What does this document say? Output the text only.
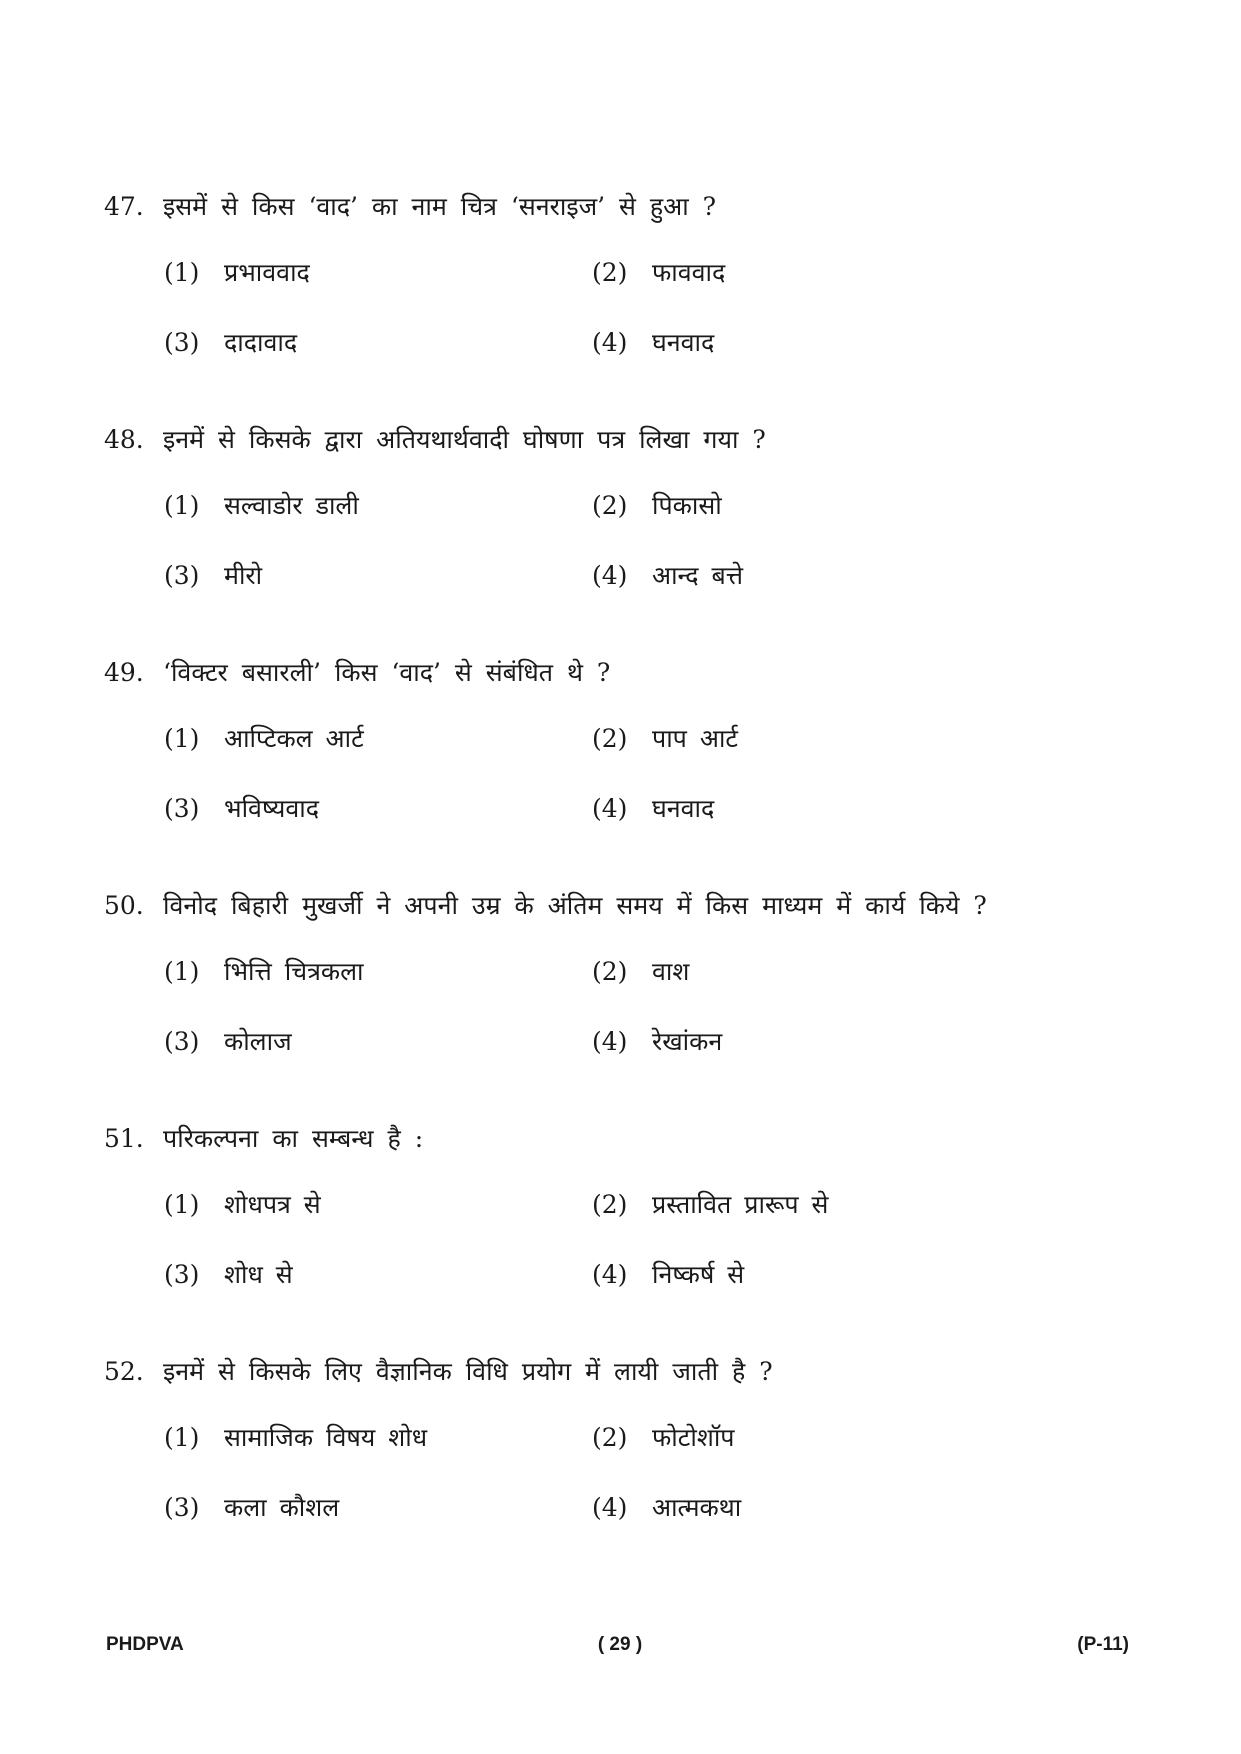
47. इसमें से किस ‘वाद’ का नाम चित्र ‘सनराइज’ से हुआ ?
(1) प्रभाववाद	(2) फाववाद
(3) दादावाद	(4) घनवाद
48. इनमें से किसके द्वारा अतियथार्थवादी घोषणा पत्र लिखा गया ?
(1) सल्वाडोर डाली	(2) पिकासो
(3) मीरो	(4) आन्द बत्ते
49. ‘विक्टर बसारली’ किस ‘वाद’ से संबंधित थे ?
(1) आप्टिकल आर्ट	(2) पाप आर्ट
(3) भविष्यवाद	(4) घनवाद
50. विनोद बिहारी मुखर्जी ने अपनी उम्र के अंतिम समय में किस माध्यम में कार्य किये ?
(1) भित्ति चित्रकला	(2) वाश
(3) कोलाज	(4) रेखांकन
51. परिकल्पना का सम्बन्ध है :
(1) शोधपत्र से	(2) प्रस्तावित प्रारूप से
(3) शोध से	(4) निष्कर्ष से
52. इनमें से किसके लिए वैज्ञानिक विधि प्रयोग में लायी जाती है ?
(1) सामाजिक विषय शोध	(2) फोटोशॉप
(3) कला कौशल	(4) आत्मकथा
PHDPVA	( 29 )	(P-11)
